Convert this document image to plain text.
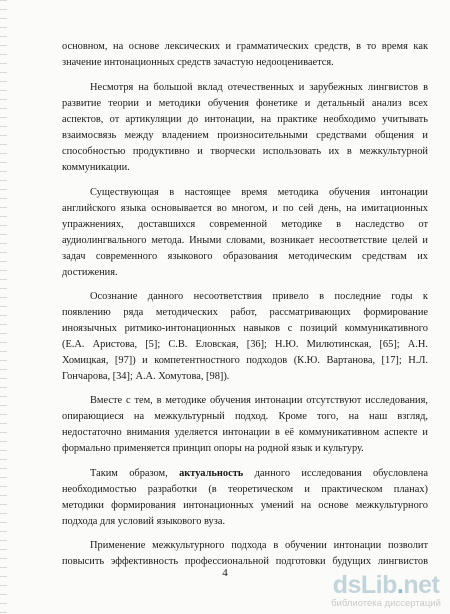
основном, на основе лексических и грамматических средств, в то время как
значение интонационных средств зачастую недооценивается.
Несмотря на большой вклад отечественных и зарубежных лингвистов в
развитие теории и методики обучения фонетике и детальный анализ всех
аспектов, от артикуляции до интонации, на практике необходимо учитывать
взаимосвязь между владением произносительными средствами общения и
способностью продуктивно и творчески использовать их в межкультурной
коммуникации.
Существующая в настоящее время методика обучения интонации
английского языка основывается во многом, и по сей день, на имитационных
упражнениях, доставшихся современной методике в наследство от
аудиолингвального метода. Иными словами, возникает несоответствие целей и
задач современного языкового образования методическим средствам их
достижения.
Осознание данного несоответствия привело в последние годы к
появлению ряда методических работ, рассматривающих формирование
иноязычных ритмико-интонационных навыков с позиций коммуникативного
(Е.А. Аристова, [5]; С.В. Еловская, [36]; Н.Ю. Милютинская, [65]; А.Н.
Хомицкая, [97]) и компетентностного подходов (К.Ю. Вартанова, [17]; Н.Л.
Гончарова, [34]; А.А. Хомутова, [98]).
Вместе с тем, в методике обучения интонации отсутствуют исследования,
опирающиеся на межкультурный подход. Кроме того, на наш взгляд,
недостаточно внимания уделяется интонации в её коммуникативном аспекте и
формально применяется принцип опоры на родной язык и культуру.
Таким образом, актуальность данного исследования обусловлена
необходимостью разработки (в теоретическом и практическом планах)
методики формирования интонационных умений на основе межкультурного
подхода для условий языкового вуза.
Применение межкультурного подхода в обучении интонации позволит
повысить эффективность профессиональной подготовки будущих лингвистов
4	dsLib.net
библиотека диссертаций
